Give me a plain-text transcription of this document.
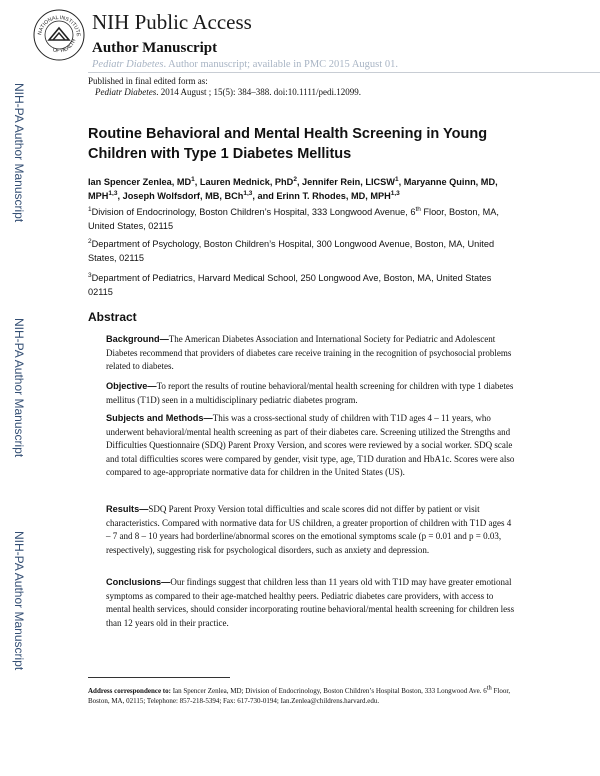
NATIONAL INSTITUTE
OF HEALTH
NIH Public Access
Author Manuscript
Pediatr Diabetes. Author manuscript; available in PMC 2015 August 01.
Published in final edited form as:
Pediatr Diabetes. 2014 August ; 15(5): 384–388. doi:10.1111/pedi.12099.
NIH-PA Author Manuscript
NIH-PA Author Manuscript
NIH-PA Author Manuscript
Routine Behavioral and Mental Health Screening in Young Children with Type 1 Diabetes Mellitus
Ian Spencer Zenlea, $MD^1$, Lauren Mednick, PhD$^2$, Jennifer Rein, LICSW$^1$, Maryanne Quinn, MD, MPH$^{1,3}$, Joseph Wolfsdorf, MB, BCh$^{1,3}$, and Erinn T. Rhodes, MD, MPH$^{1,3}$
$^1$Division of Endocrinology, Boston Children’s Hospital, 333 Longwood Avenue, 6th Floor, Boston, MA, United States, 02115
$^2$Department of Psychology, Boston Children’s Hospital, 300 Longwood Avenue, Boston, MA, United States, 02115
$^3$Department of Pediatrics, Harvard Medical School, 250 Longwood Ave, Boston, MA, United States 02115
Abstract
Background—The American Diabetes Association and International Society for Pediatric and Adolescent Diabetes recommend that providers of diabetes care receive training in the recognition of psychosocial problems related to diabetes.
Objective—To report the results of routine behavioral/mental health screening for children with type 1 diabetes mellitus (T1D) seen in a multidisciplinary pediatric diabetes program.
Subjects and Methods—This was a cross-sectional study of children with T1D ages 4 – 11 years, who underwent behavioral/mental health screening as part of their diabetes care. Screening utilized the Strengths and Difficulties Questionnaire (SDQ) Parent Proxy Version, and scores were reviewed by a social worker. SDQ scale and total difficulties scores were compared by gender, visit type, age, T1D duration and HbA1c. Scores were also compared to age-appropriate normative data for children in the United States (US).
Results—SDQ Parent Proxy Version total difficulties and scale scores did not differ by patient or visit characteristics. Compared with normative data for US children, a greater proportion of children with T1D ages 4 – 7 and 8 – 10 years had borderline/abnormal scores on the emotional symptoms scale (p = 0.01 and p = 0.03, respectively), suggesting risk for psychological disorders, such as anxiety and depression.
Conclusions—Our findings suggest that children less than 11 years old with T1D may have greater emotional symptoms as compared to their age-matched healthy peers. Pediatric diabetes care providers, with access to mental health services, should consider incorporating routine behavioral/mental health screening for children less than 12 years old in their practice.
Address correspondence to: Ian Spencer Zenlea, MD; Division of Endocrinology, Boston Children’s Hospital Boston, 333 Longwood Ave. 6th Floor, Boston, MA, 02115; Telephone: 857-218-5394; Fax: 617-730-0194; Ian.Zenlea@childrens.harvard.edu.
